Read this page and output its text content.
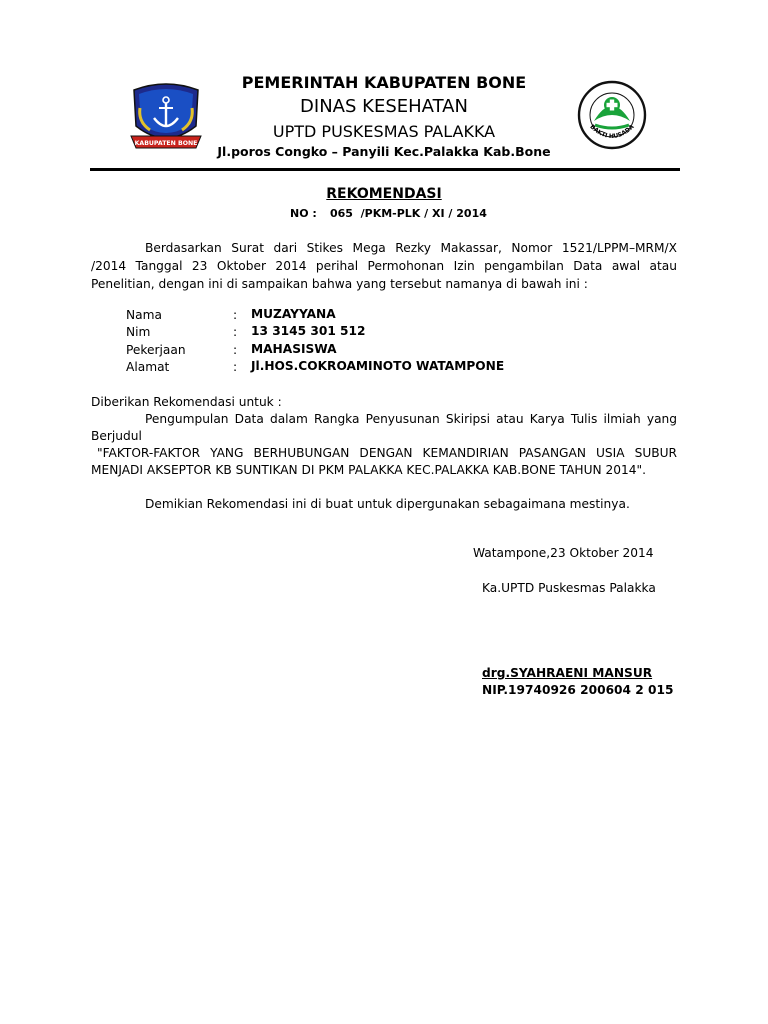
KABUPATEN BONE
BAKTI HUSADA
PEMERINTAH KABUPATEN BONE
DINAS KESEHATAN
UPTD PUSKESMAS PALAKKA
Jl.poros Congko – Panyili Kec.Palakka Kab.Bone
REKOMENDASI
NO : 065  /PKM-PLK / XI / 2014
Berdasarkan Surat dari Stikes Mega Rezky Makassar, Nomor 1521/LPPM–MRM/X
/2014 Tanggal 23 Oktober 2014 perihal Permohonan Izin pengambilan Data awal atau
Penelitian, dengan ini di sampaikan bahwa yang tersebut namanya di bawah ini :
Nama	: MUZAYYANA
Nim	: 13 3145 301 512
Pekerjaan	: MAHASISWA
Alamat	: Jl.HOS.COKROAMINOTO WATAMPONE
Diberikan Rekomendasi untuk :
Pengumpulan Data dalam Rangka Penyusunan Skiripsi atau Karya Tulis ilmiah yang
Berjudul
"FAKTOR-FAKTOR YANG BERHUBUNGAN DENGAN KEMANDIRIAN PASANGAN USIA SUBUR
MENJADI AKSEPTOR KB SUNTIKAN DI PKM PALAKKA KEC.PALAKKA KAB.BONE TAHUN 2014".
Demikian Rekomendasi ini di buat untuk dipergunakan sebagaimana mestinya.
Watampone,23 Oktober 2014
Ka.UPTD Puskesmas Palakka
drg.SYAHRAENI MANSUR
NIP.19740926 200604 2 015
